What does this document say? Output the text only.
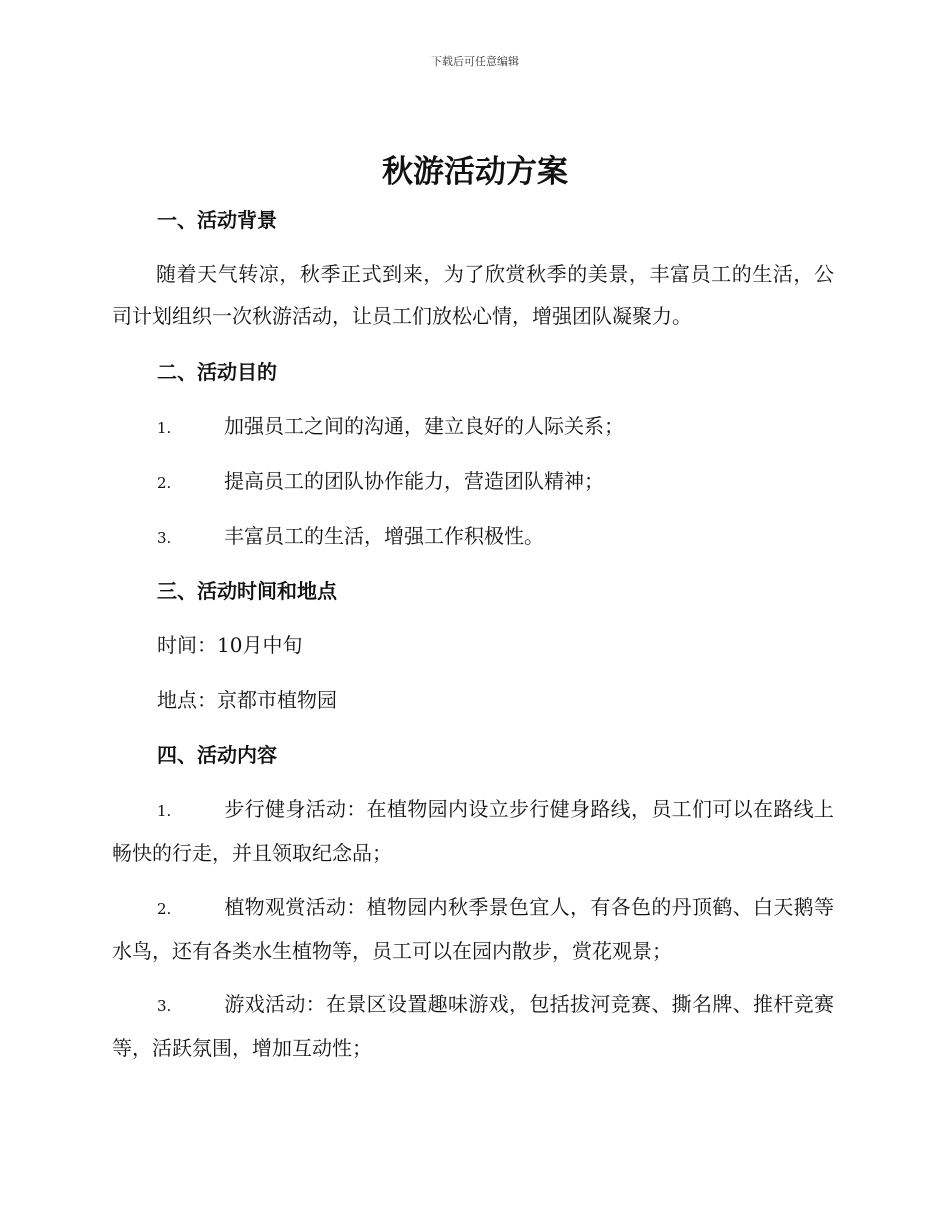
下载后可任意编辑
秋游活动方案
一、活动背景

随着天气转凉，秋季正式到来，为了欣赏秋季的美景，丰富员工的生活，公司计划组织一次秋游活动，让员工们放松心情，增强团队凝聚力。

二、活动目的

1.	加强员工之间的沟通，建立良好的人际关系；

2.	提高员工的团队协作能力，营造团队精神；

3.	丰富员工的生活，增强工作积极性。

三、活动时间和地点

时间：10月中旬

地点：京都市植物园

四、活动内容

1.	步行健身活动：在植物园内设立步行健身路线，员工们可以在路线上畅快的行走，并且领取纪念品；

2.	植物观赏活动：植物园内秋季景色宜人，有各色的丹顶鹤、白天鹅等水鸟，还有各类水生植物等，员工可以在园内散步，赏花观景；

3.	游戏活动：在景区设置趣味游戏，包括拔河竞赛、撕名牌、推杆竞赛等，活跃氛围，增加互动性；
